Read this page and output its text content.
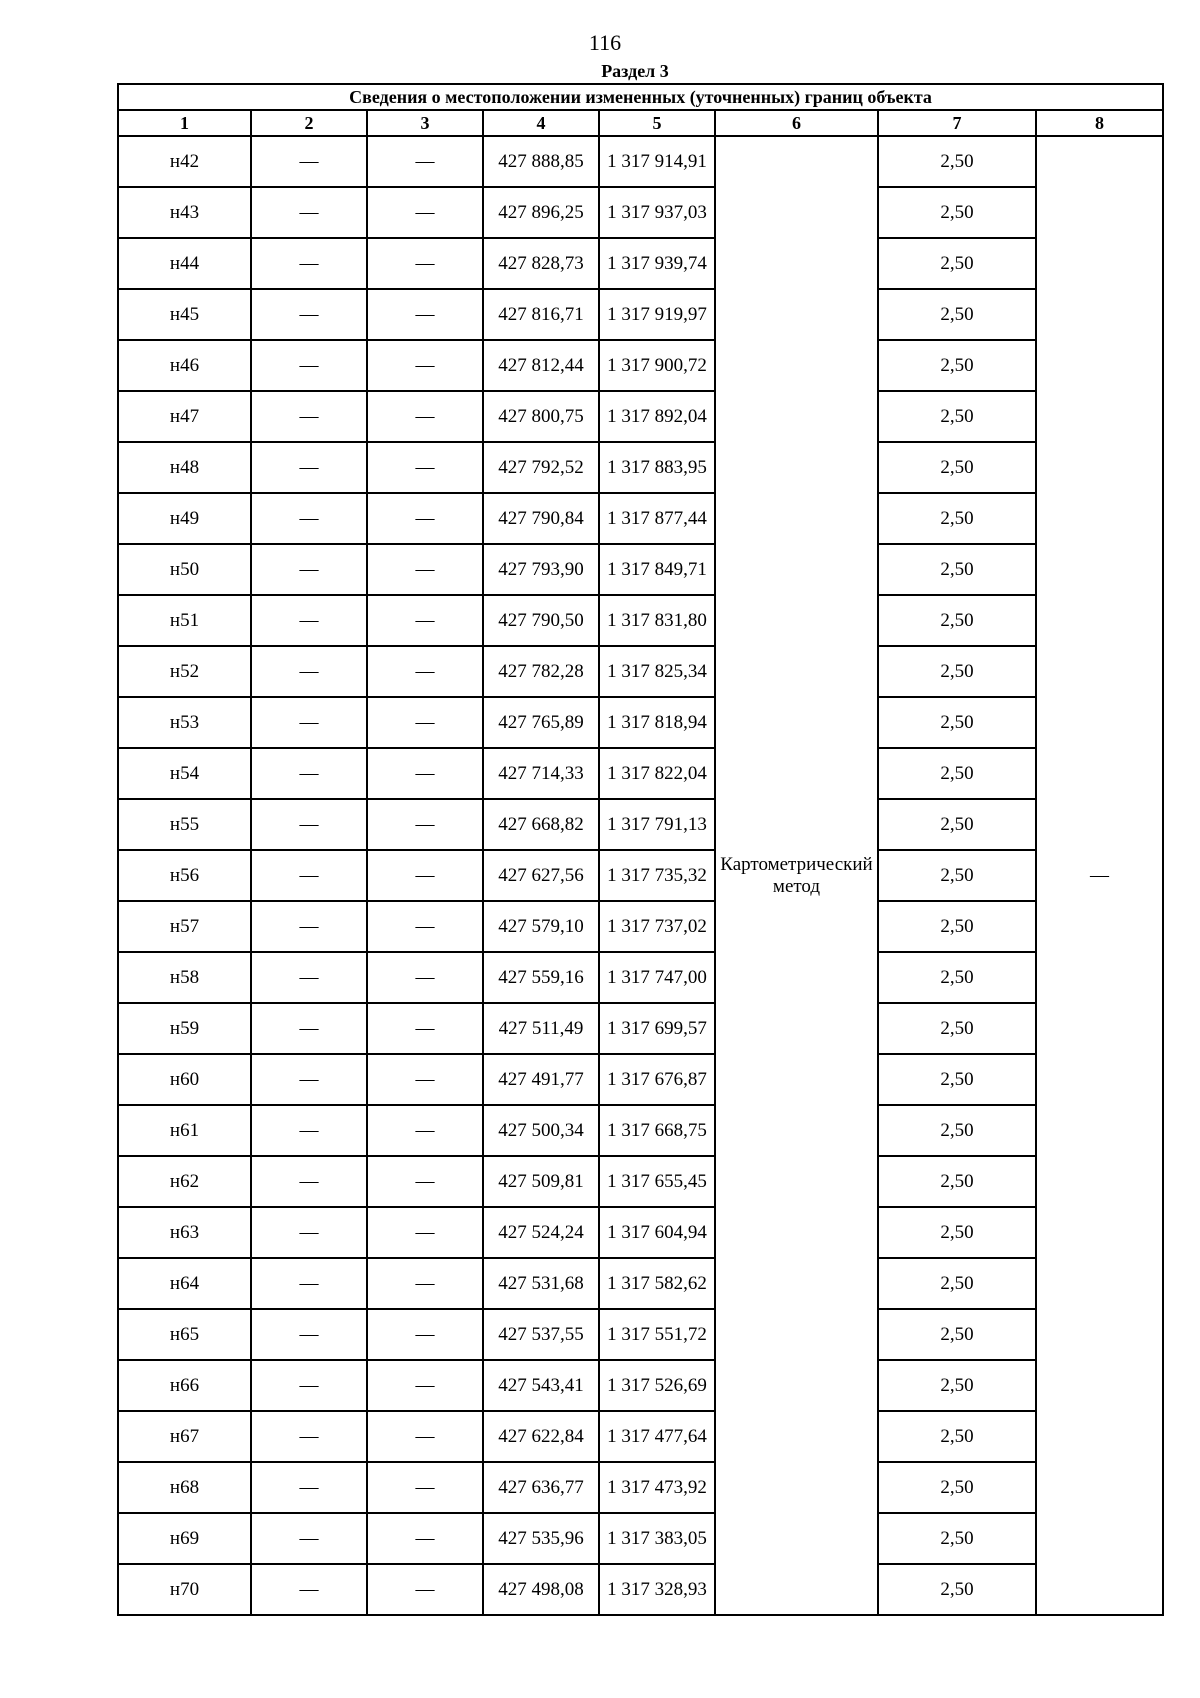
116
Раздел 3
Сведения о местоположении измененных (уточненных) границ объекта							
1	2	3	4	5	6	7	8
н42	—	—	427 888,85	1 317 914,91	Картометрический метод	2,50	—
н43	—	—	427 896,25	1 317 937,03		2,50	
н44	—	—	427 828,73	1 317 939,74		2,50	
н45	—	—	427 816,71	1 317 919,97		2,50	
н46	—	—	427 812,44	1 317 900,72		2,50	
н47	—	—	427 800,75	1 317 892,04		2,50	
н48	—	—	427 792,52	1 317 883,95		2,50	
н49	—	—	427 790,84	1 317 877,44		2,50	
н50	—	—	427 793,90	1 317 849,71		2,50	
н51	—	—	427 790,50	1 317 831,80		2,50	
н52	—	—	427 782,28	1 317 825,34		2,50	
н53	—	—	427 765,89	1 317 818,94		2,50	
н54	—	—	427 714,33	1 317 822,04		2,50	
н55	—	—	427 668,82	1 317 791,13		2,50	
н56	—	—	427 627,56	1 317 735,32		2,50	
н57	—	—	427 579,10	1 317 737,02		2,50	
н58	—	—	427 559,16	1 317 747,00		2,50	
н59	—	—	427 511,49	1 317 699,57		2,50	
н60	—	—	427 491,77	1 317 676,87		2,50	
н61	—	—	427 500,34	1 317 668,75		2,50	
н62	—	—	427 509,81	1 317 655,45		2,50	
н63	—	—	427 524,24	1 317 604,94		2,50	
н64	—	—	427 531,68	1 317 582,62		2,50	
н65	—	—	427 537,55	1 317 551,72		2,50	
н66	—	—	427 543,41	1 317 526,69		2,50	
н67	—	—	427 622,84	1 317 477,64		2,50	
н68	—	—	427 636,77	1 317 473,92		2,50	
н69	—	—	427 535,96	1 317 383,05		2,50	
н70	—	—	427 498,08	1 317 328,93		2,50	
